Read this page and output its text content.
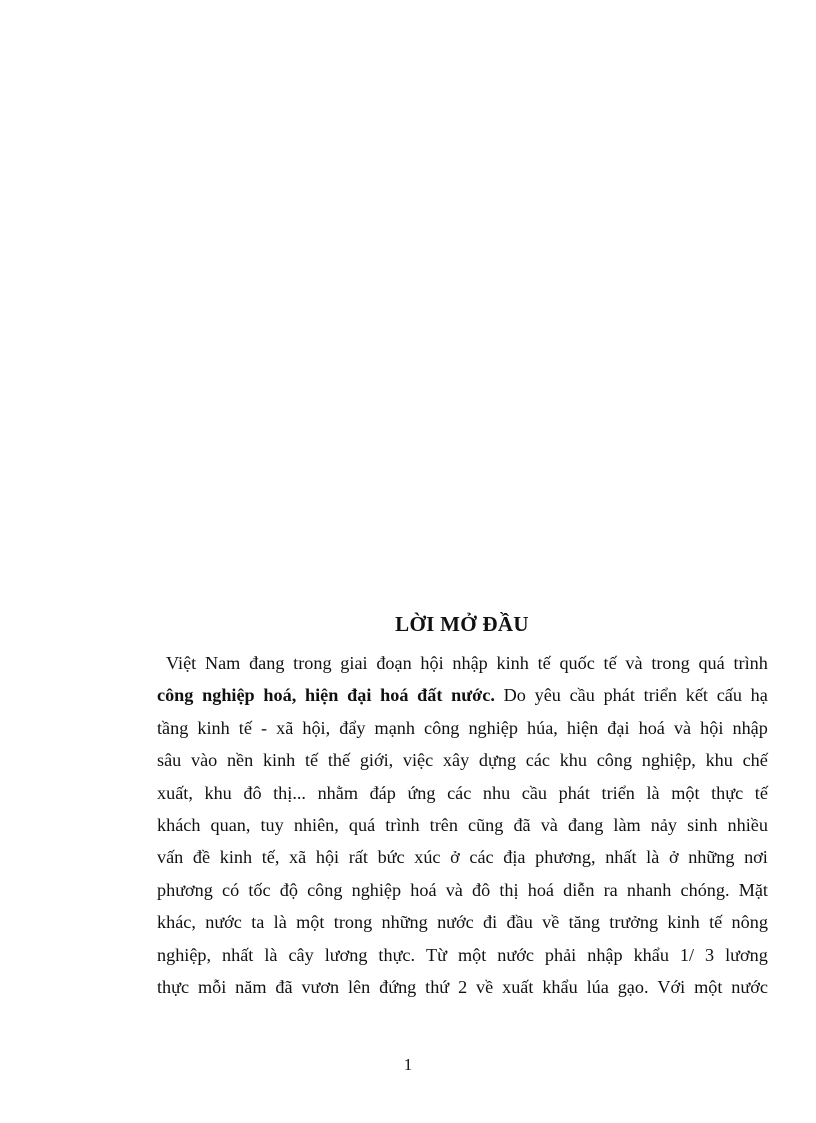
LỜI MỞ ĐẦU
Việt Nam đang trong giai đoạn hội nhập kinh tế quốc tế và trong quá trình
công nghiệp hoá, hiện đại hoá đất nước. Do yêu cầu phát triển kết cấu hạ
tầng kinh tế - xã hội, đẩy mạnh công nghiệp húa, hiện đại hoá và hội nhập
sâu vào nền kinh tế thế giới, việc xây dựng các khu công nghiệp, khu chế
xuất, khu đô thị... nhằm đáp ứng các nhu cầu phát triển là một thực tế
khách quan, tuy nhiên, quá trình trên cũng đã và đang làm nảy sinh nhiều
vấn đề kinh tế, xã hội rất bức xúc ở các địa phương, nhất là ở những nơi
phương có tốc độ công nghiệp hoá và đô thị hoá diễn ra nhanh chóng. Mặt
khác, nước ta là một trong những nước đi đầu về tăng trưởng kinh tế nông
nghiệp, nhất là cây lương thực. Từ một nước phải nhập khẩu 1/ 3 lương
thực mỗi năm đã vươn lên đứng thứ 2 về xuất khẩu lúa gạo. Với một nước
1
